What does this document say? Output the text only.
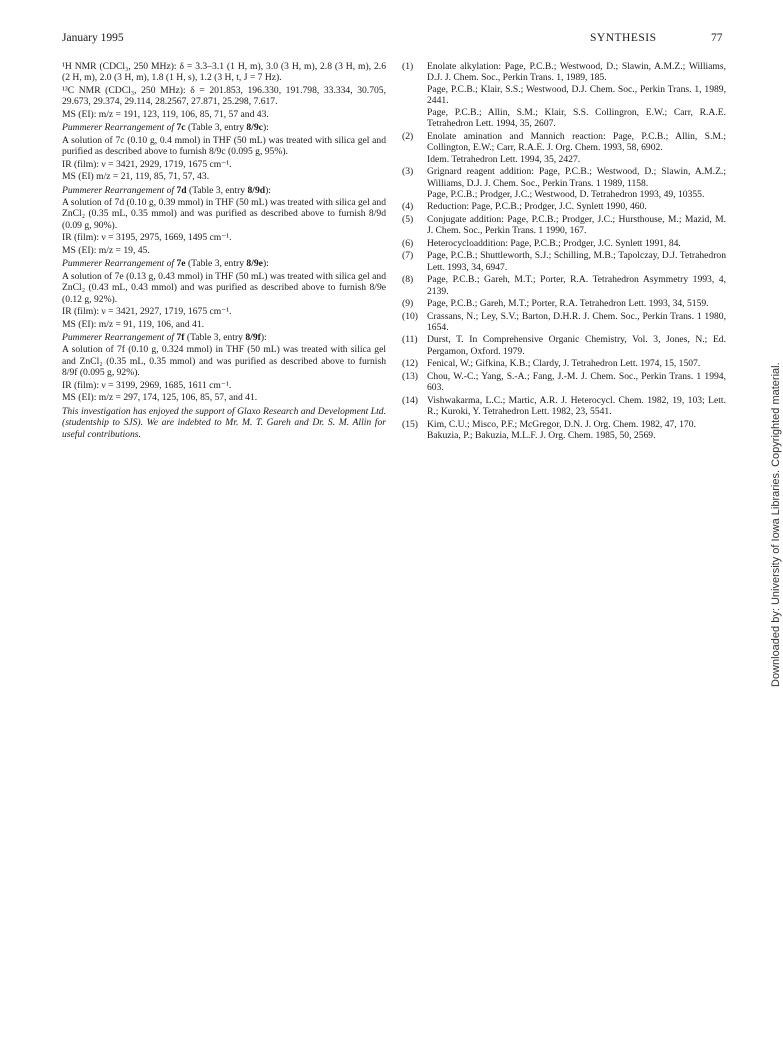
January 1995	SYNTHESIS	77

¹H NMR (CDCl₃, 250 MHz): δ = 3.3–3.1 (1 H, m), 3.0 (3 H, m), 2.8 (3 H, m), 2.6 (2 H, m), 2.0 (3 H, m), 1.8 (1 H, s), 1.2 (3 H, t, J = 7 Hz).

¹³C NMR (CDCl₃, 250 MHz): δ = 201.853, 196.330, 191.798, 33.334, 30.705, 29.673, 29.374, 29.114, 28.2567, 27.871, 25.298, 7.617.

MS (EI): m/z = 191, 123, 119, 106, 85, 71, 57 and 43.

Pummerer Rearrangement of 7c (Table 3, entry 8/9c):

A solution of 7c (0.10 g, 0.4 mmol) in THF (50 mL) was treated with silica gel and purified as described above to furnish 8/9c (0.095 g, 95%).

IR (film): ν = 3421, 2929, 1719, 1675 cm⁻¹.

MS (EI) m/z = 21, 119, 85, 71, 57, 43.

Pummerer Rearrangement of 7d (Table 3, entry 8/9d):

A solution of 7d (0.10 g, 0.39 mmol) in THF (50 mL) was treated with silica gel and ZnCl₂ (0.35 mL, 0.35 mmol) and was purified as described above to furnish 8/9d (0.09 g, 90%).

IR (film): ν = 3195, 2975, 1669, 1495 cm⁻¹.

MS (EI): m/z = 19, 45.

Pummerer Rearrangement of 7e (Table 3, entry 8/9e):

A solution of 7e (0.13 g, 0.43 mmol) in THF (50 mL) was treated with silica gel and ZnCl₂ (0.43 mL, 0.43 mmol) and was purified as described above to furnish 8/9e (0.12 g, 92%).

IR (film): ν = 3421, 2927, 1719, 1675 cm⁻¹.

MS (EI): m/z = 91, 119, 106, and 41.

Pummerer Rearrangement of 7f (Table 3, entry 8/9f):

A solution of 7f (0.10 g, 0.324 mmol) in THF (50 mL) was treated with silica gel and ZnCl₂ (0.35 mL, 0.35 mmol) and was purified as described above to furnish 8/9f (0.095 g, 92%).

IR (film): ν = 3199, 2969, 1685, 1611 cm⁻¹.

MS (EI): m/z = 297, 174, 125, 106, 85, 57, and 41.

This investigation has enjoyed the support of Glaxo Research and Development Ltd. (studentship to SJS). We are indebted to Mr. M. T. Gareh and Dr. S. M. Allin for useful contributions.

(1) Enolate alkylation: Page, P.C.B.; Westwood, D.; Slawin, A.M.Z.; Williams, D.J. J. Chem. Soc., Perkin Trans. 1, 1989, 185.
Page, P.C.B.; Klair, S.S.; Westwood, D.J. Chem. Soc., Perkin Trans. 1, 1989, 2441.
Page, P.C.B.; Allin, S.M.; Klair, S.S. Collingron, E.W.; Carr, R.A.E. Tetrahedron Lett. 1994, 35, 2607.
(2) Enolate amination and Mannich reaction: Page, P.C.B.; Allin, S.M.; Collington, E.W.; Carr, R.A.E. J. Org. Chem. 1993, 58, 6902.
Idem. Tetrahedron Lett. 1994, 35, 2427.
(3) Grignard reagent addition: Page, P.C.B.; Westwood, D.; Slawin, A.M.Z.; Williams, D.J. J. Chem. Soc., Perkin Trans. 1 1989, 1158.
Page, P.C.B.; Prodger, J.C.; Westwood, D. Tetrahedron 1993, 49, 10355.
(4) Reduction: Page, P.C.B.; Prodger, J.C. Synlett 1990, 460.
(5) Conjugate addition: Page, P.C.B.; Prodger, J.C.; Hursthouse, M.; Mazid, M. J. Chem. Soc., Perkin Trans. 1 1990, 167.
(6) Heterocycloaddition: Page, P.C.B.; Prodger, J.C. Synlett 1991, 84.
(7) Page, P.C.B.; Shuttleworth, S.J.; Schilling, M.B.; Tapolczay, D.J. Tetrahedron Lett. 1993, 34, 6947.
(8) Page, P.C.B.; Gareh, M.T.; Porter, R.A. Tetrahedron Asymmetry 1993, 4, 2139.
(9) Page, P.C.B.; Gareh, M.T.; Porter, R.A. Tetrahedron Lett. 1993, 34, 5159.
(10) Crassans, N.; Ley, S.V.; Barton, D.H.R. J. Chem. Soc., Perkin Trans. 1 1980, 1654.
(11) Durst, T. In Comprehensive Organic Chemistry, Vol. 3, Jones, N.; Ed. Pergamon, Oxford. 1979.
(12) Fenical, W.; Gifkina, K.B.; Clardy, J. Tetrahedron Lett. 1974, 15, 1507.
(13) Chou, W.-C.; Yang, S.-A.; Fang, J.-M. J. Chem. Soc., Perkin Trans. 1 1994, 603.
(14) Vishwakarma, L.C.; Martic, A.R. J. Heterocycl. Chem. 1982, 19, 103; Lett. R.; Kuroki, Y. Tetrahedron Lett. 1982, 23, 5541.
(15) Kim, C.U.; Misco, P.F.; McGregor, D.N. J. Org. Chem. 1982, 47, 170.
Bakuzia, P.; Bakuzia, M.L.F. J. Org. Chem. 1985, 50, 2569.	Downloaded by: University of Iowa Libraries. Copyrighted material.
